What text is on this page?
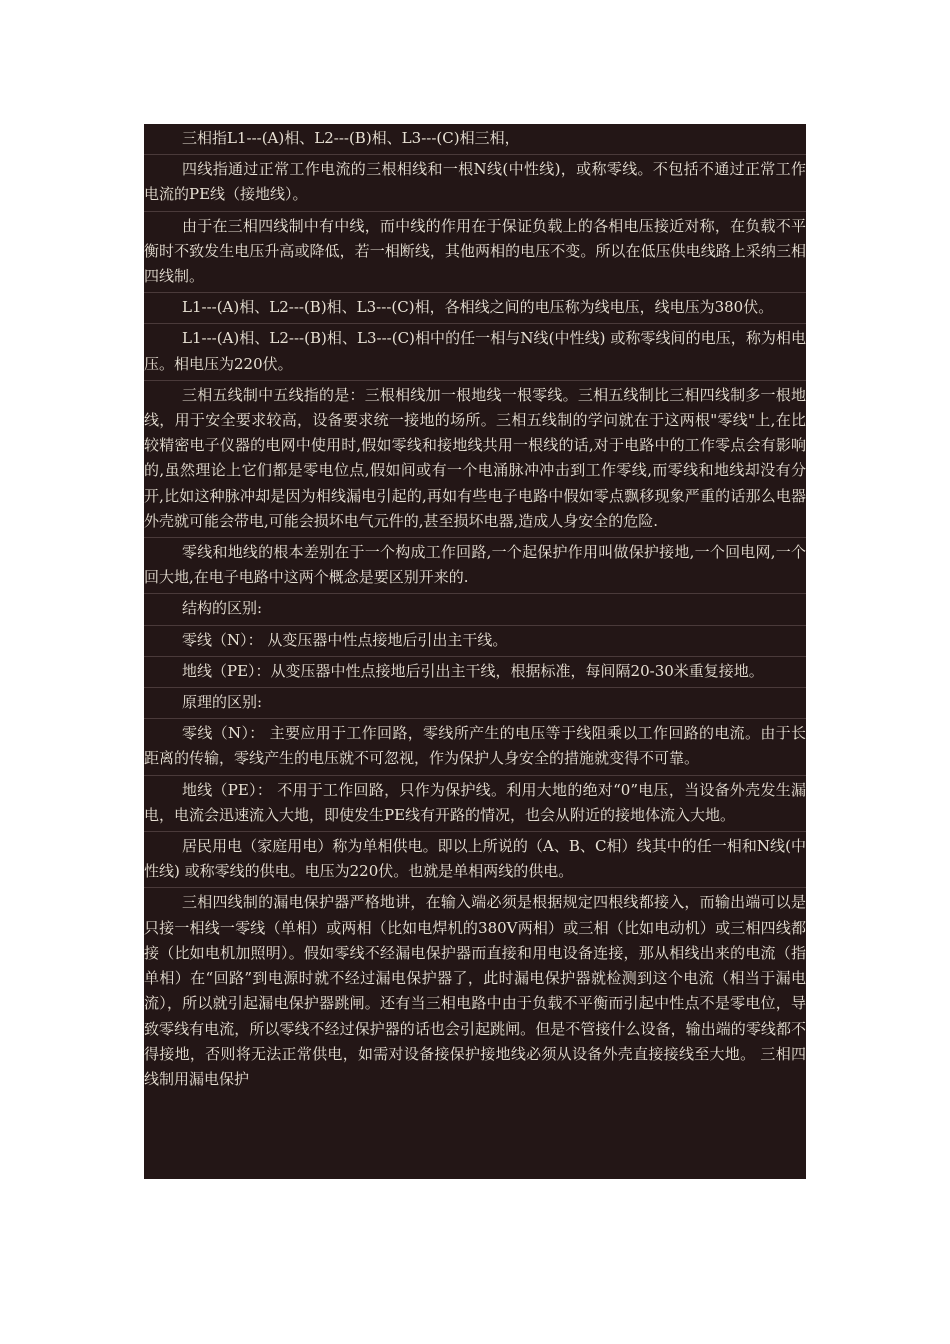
三相指L1---(A)相、L2---(B)相、L3---(C)相三相，

四线指通过正常工作电流的三根相线和一根N线(中性线)，或称零线。不包括不通过正常工作电流的PE线（接地线）。

由于在三相四线制中有中线，而中线的作用在于保证负载上的各相电压接近对称，在负载不平衡时不致发生电压升高或降低，若一相断线，其他两相的电压不变。所以在低压供电线路上采纳三相四线制。

L1---(A)相、L2---(B)相、L3---(C)相，各相线之间的电压称为线电压，线电压为380伏。

L1---(A)相、L2---(B)相、L3---(C)相中的任一相与N线(中性线) 或称零线间的电压，称为相电压。相电压为220伏。

三相五线制中五线指的是：三根相线加一根地线一根零线。三相五线制比三相四线制多一根地线，用于安全要求较高，设备要求统一接地的场所。三相五线制的学问就在于这两根"零线"上,在比较精密电子仪器的电网中使用时,假如零线和接地线共用一根线的话,对于电路中的工作零点会有影响的,虽然理论上它们都是零电位点,假如间或有一个电涌脉冲冲击到工作零线,而零线和地线却没有分开,比如这种脉冲却是因为相线漏电引起的,再如有些电子电路中假如零点飘移现象严重的话那么电器外壳就可能会带电,可能会损坏电气元件的,甚至损坏电器,造成人身安全的危险.

零线和地线的根本差别在于一个构成工作回路,一个起保护作用叫做保护接地,一个回电网,一个回大地,在电子电路中这两个概念是要区别开来的.

结构的区别:

零线（N）： 从变压器中性点接地后引出主干线。

地线（PE）：从变压器中性点接地后引出主干线，根据标准，每间隔20-30米重复接地。

原理的区别:

零线（N）： 主要应用于工作回路，零线所产生的电压等于线阻乘以工作回路的电流。由于长距离的传输，零线产生的电压就不可忽视，作为保护人身安全的措施就变得不可靠。

地线（PE）： 不用于工作回路，只作为保护线。利用大地的绝对“0”电压，当设备外壳发生漏电，电流会迅速流入大地，即使发生PE线有开路的情况，也会从附近的接地体流入大地。

居民用电（家庭用电）称为单相供电。即以上所说的（A、B、C相）线其中的任一相和N线(中性线) 或称零线的供电。电压为220伏。也就是单相两线的供电。

三相四线制的漏电保护器严格地讲，在输入端必须是根据规定四根线都接入，而输出端可以是只接一相线一零线（单相）或两相（比如电焊机的380V两相）或三相（比如电动机）或三相四线都接（比如电机加照明）。假如零线不经漏电保护器而直接和用电设备连接，那从相线出来的电流（指单相）在“回路”到电源时就不经过漏电保护器了，此时漏电保护器就检测到这个电流（相当于漏电流），所以就引起漏电保护器跳闸。还有当三相电路中由于负载不平衡而引起中性点不是零电位，导致零线有电流，所以零线不经过保护器的话也会引起跳闸。但是不管接什么设备，输出端的零线都不得接地，否则将无法正常供电，如需对设备接保护接地线必须从设备外壳直接接线至大地。 三相四线制用漏电保护
